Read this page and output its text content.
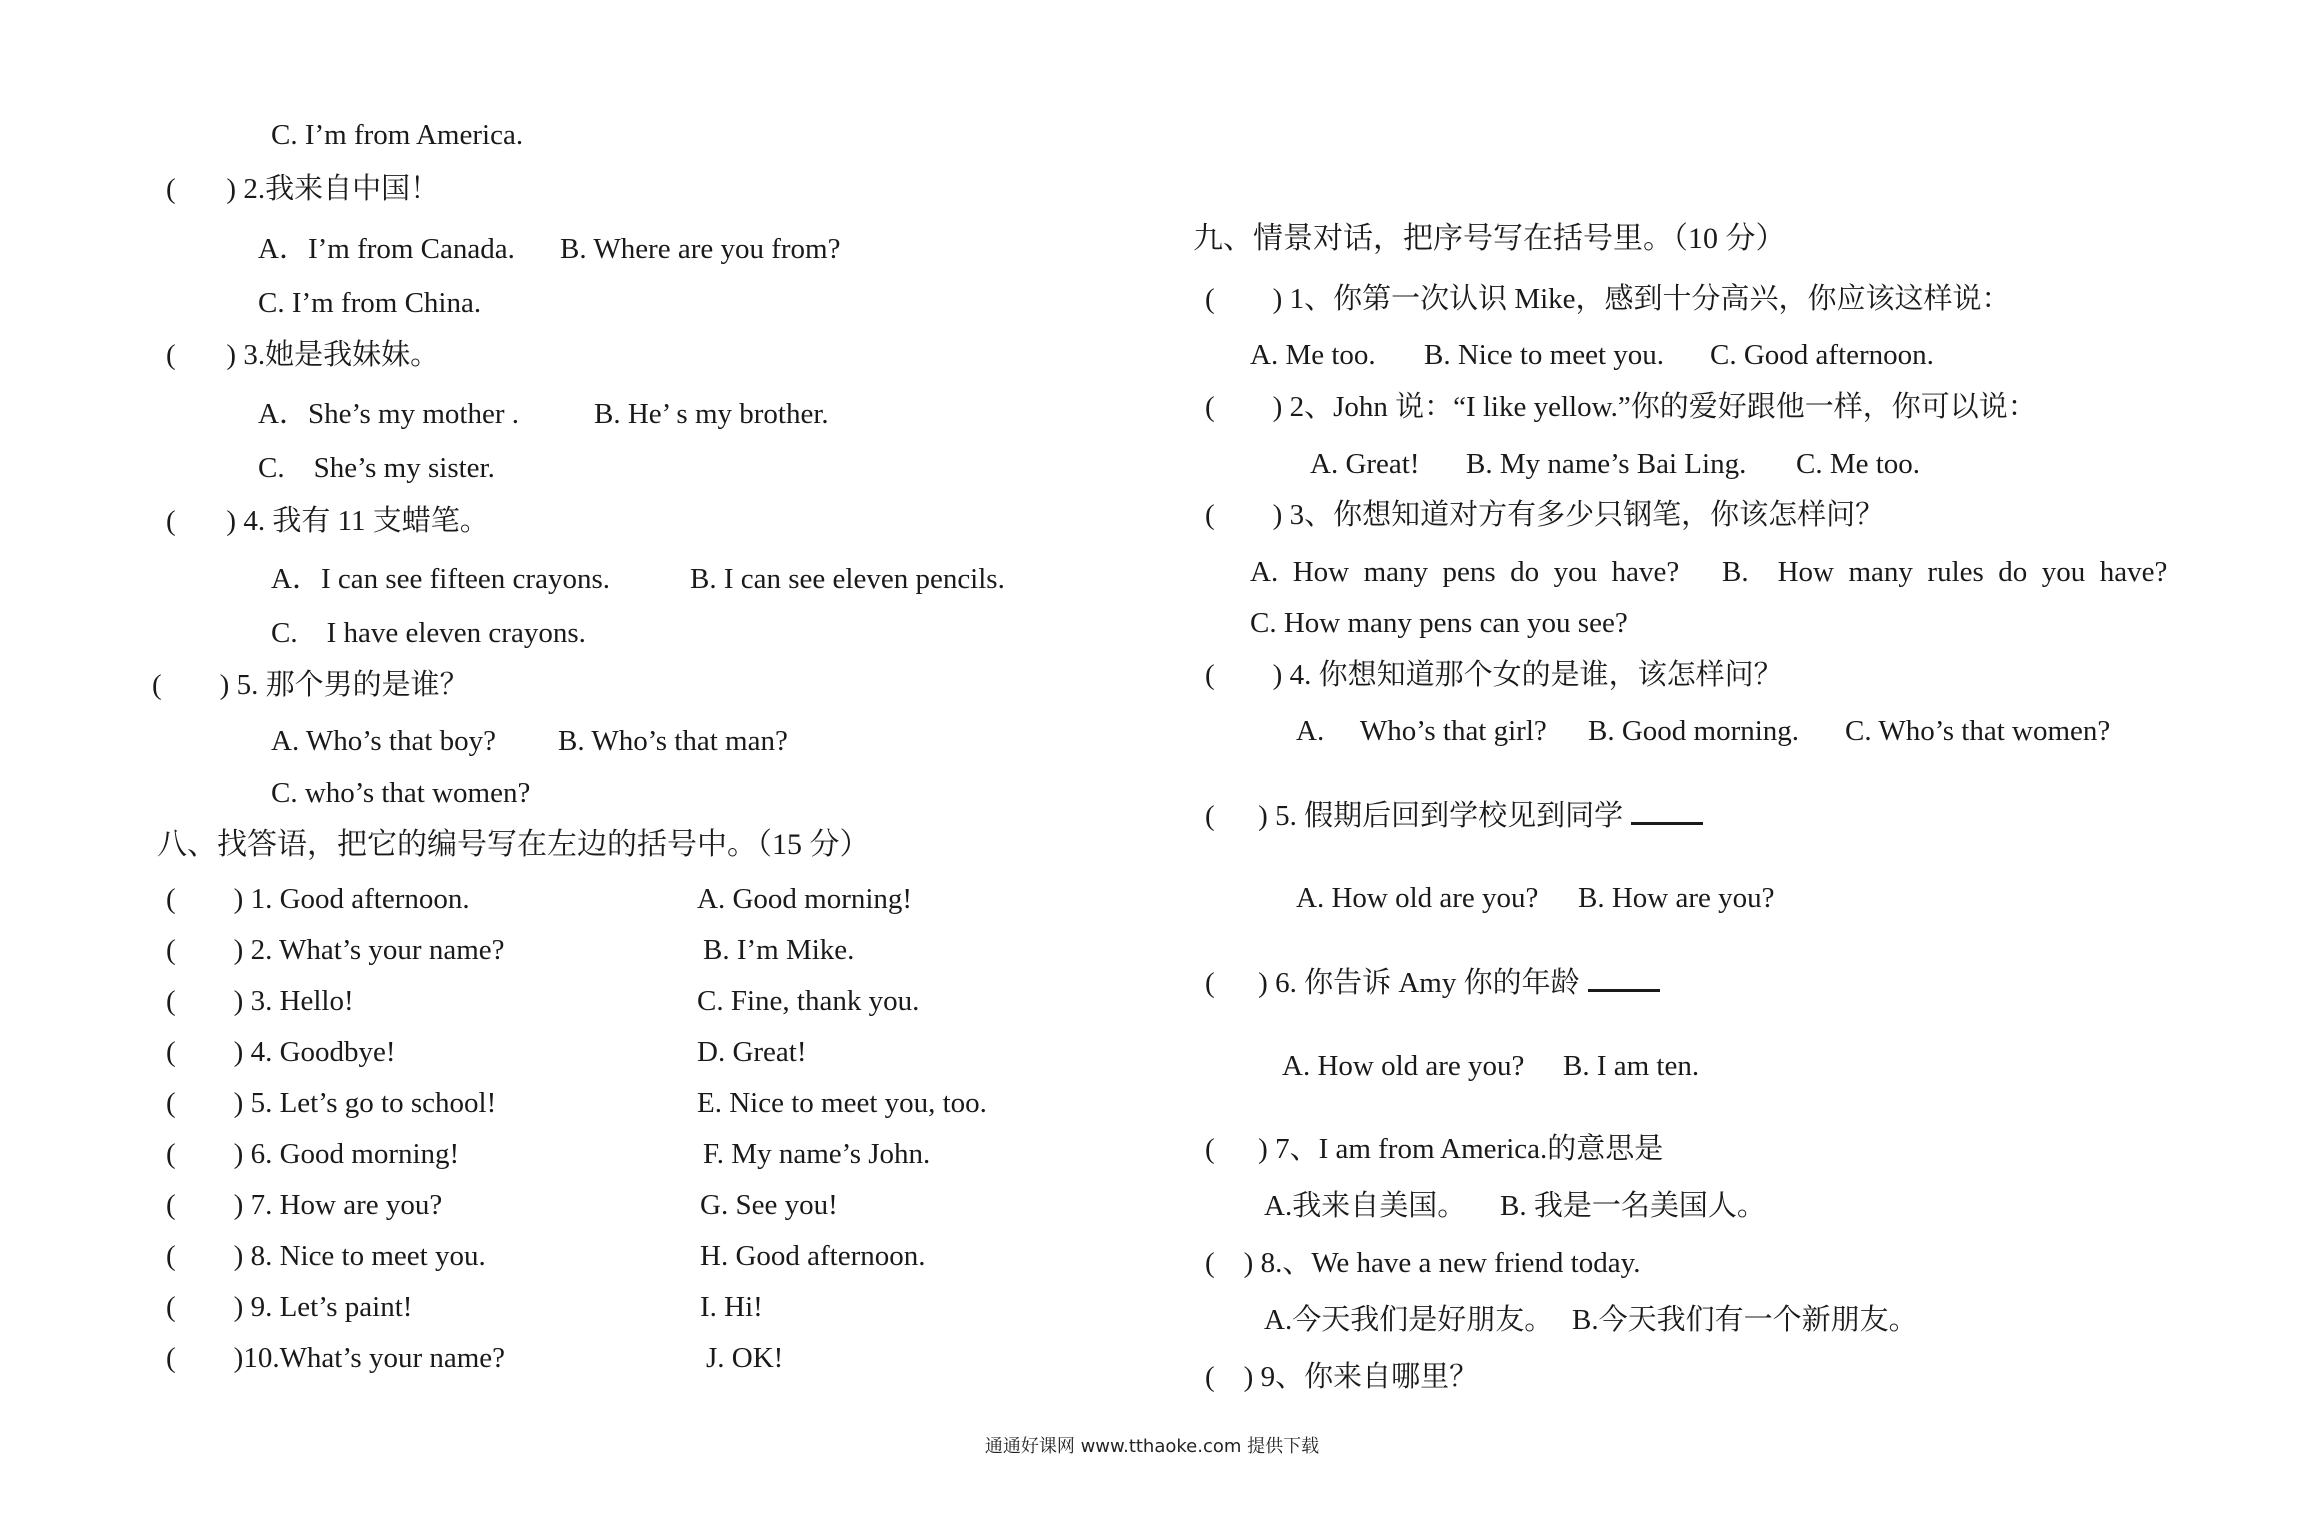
C. I’m from America.
(       ) 2.我来自中国！
A．I’m from Canada. B. Where are you from?
C. I’m from China.
(       ) 3.她是我妹妹。
A．She’s my mother .	B. He’ s my brother.
C.    She’s my sister.
(       ) 4. 我有 11 支蜡笔。
A．I can see fifteen crayons.	B. I can see eleven pencils.
C.    I have eleven crayons.
(        ) 5. 那个男的是谁？
A. Who’s that boy? B. Who’s that man?
C. who’s that women?
八、找答语，把它的编号写在左边的括号中。（15 分）
(        ) 1. Good afternoon.	A. Good morning!
(        ) 2. What’s your name?	B. I’m Mike.
(        ) 3. Hello!	C. Fine, thank you.
(        ) 4. Goodbye!	D. Great!
(        ) 5. Let’s go to school!	E. Nice to meet you, too.
(        ) 6. Good morning!	F. My name’s John.
(        ) 7. How are you?	G. See you!
(        ) 8. Nice to meet you.	H. Good afternoon.
(        ) 9. Let’s paint!	I. Hi!
(        )10.What’s your name?	J. OK!
九、情景对话，把序号写在括号里。（10 分）
(        ) 1、你第一次认识 Mike，感到十分高兴，你应该这样说：
A. Me too. B. Nice to meet you. C. Good afternoon.
(        ) 2、John 说：“I like yellow.”你的爱好跟他一样，你可以说：
A. Great! B. My name’s Bai Ling. C. Me too.
(        ) 3、你想知道对方有多少只钢笔，你该怎样问？
A.  How  many  pens  do  you  have? B.    How  many  rules  do  you  have?
C. How many pens can you see?
(        ) 4. 你想知道那个女的是谁，该怎样问？
A.     Who’s that girl? B. Good morning. C. Who’s that women?
(      ) 5. 假期后回到学校见到同学
A. How old are you? B. How are you?
(      ) 6. 你告诉 Amy 你的年龄
A. How old are you? B. I am ten.
(      ) 7、I am from America.的意思是
A.我来自美国。 B. 我是一名美国人。
(    ) 8.、We have a new friend today.
A.今天我们是好朋友。 B.今天我们有一个新朋友。
(    ) 9、你来自哪里？
通通好课网 www.tthaoke.com 提供下载
